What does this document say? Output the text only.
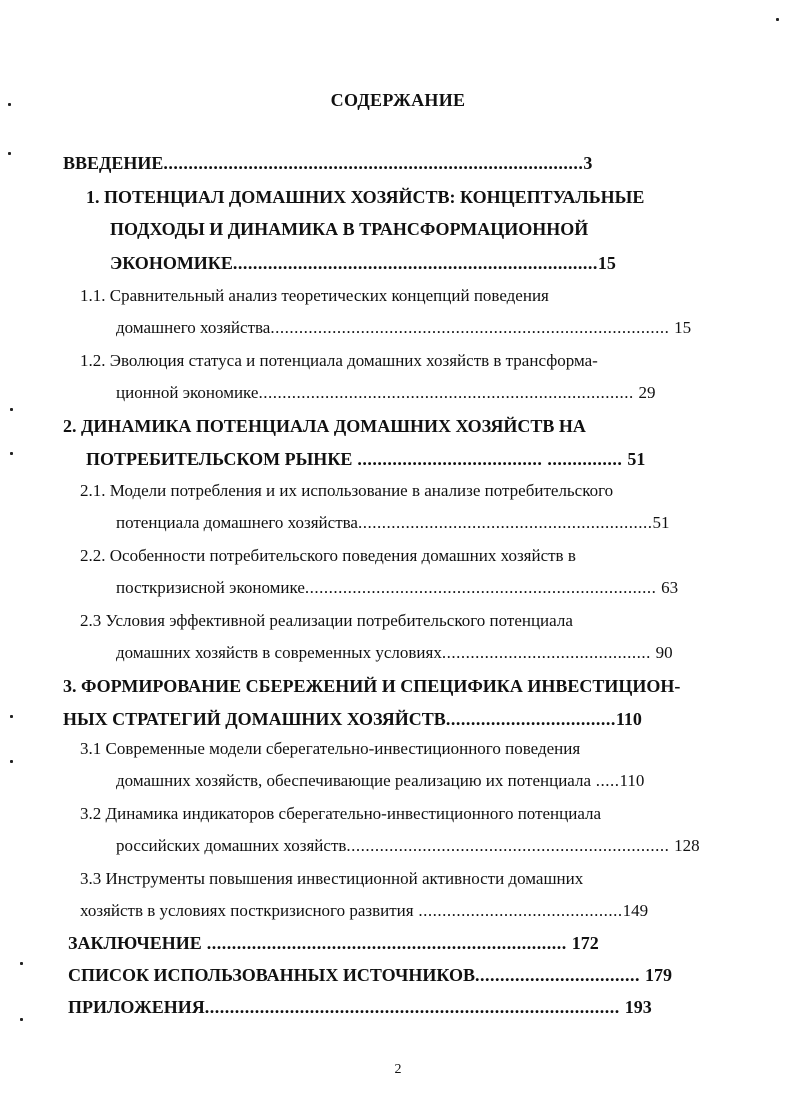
СОДЕРЖАНИЕ
ВВЕДЕНИЕ....................................................................................3
1. ПОТЕНЦИАЛ ДОМАШНИХ ХОЗЯЙСТВ: КОНЦЕПТУАЛЬНЫЕ
ПОДХОДЫ И ДИНАМИКА В ТРАНСФОРМАЦИОННОЙ
ЭКОНОМИКЕ.........................................................................15
1.1. Сравнительный анализ теоретических концепций поведения
домашнего хозяйства.................................................................................... 15
1.2. Эволюция статуса и потенциала домашних хозяйств в трансформа-
ционной экономике............................................................................... 29
2. ДИНАМИКА ПОТЕНЦИАЛА ДОМАШНИХ ХОЗЯЙСТВ НА
ПОТРЕБИТЕЛЬСКОМ РЫНКЕ ..................................... ............... 51
2.1. Модели потребления и их использование в анализе потребительского
потенциала домашнего хозяйства..............................................................51
2.2. Особенности потребительского поведения домашних хозяйств в
посткризисной экономике.......................................................................... 63
2.3 Условия эффективной реализации потребительского потенциала
домашних хозяйств в современных условиях............................................ 90
3. ФОРМИРОВАНИЕ СБЕРЕЖЕНИЙ И СПЕЦИФИКА ИНВЕСТИЦИОН-
НЫХ СТРАТЕГИЙ ДОМАШНИХ ХОЗЯЙСТВ..................................110
3.1 Современные модели сберегательно-инвестиционного поведения
домашних хозяйств, обеспечивающие реализацию их потенциала .....110
3.2 Динамика индикаторов сберегательно-инвестиционного потенциала
российских домашних хозяйств.................................................................... 128
3.3 Инструменты повышения инвестиционной активности домашних
хозяйств в условиях посткризисного развития ...........................................149
ЗАКЛЮЧЕНИЕ ........................................................................ 172
СПИСОК ИСПОЛЬЗОВАННЫХ ИСТОЧНИКОВ................................. 179
ПРИЛОЖЕНИЯ................................................................................... 193
2
